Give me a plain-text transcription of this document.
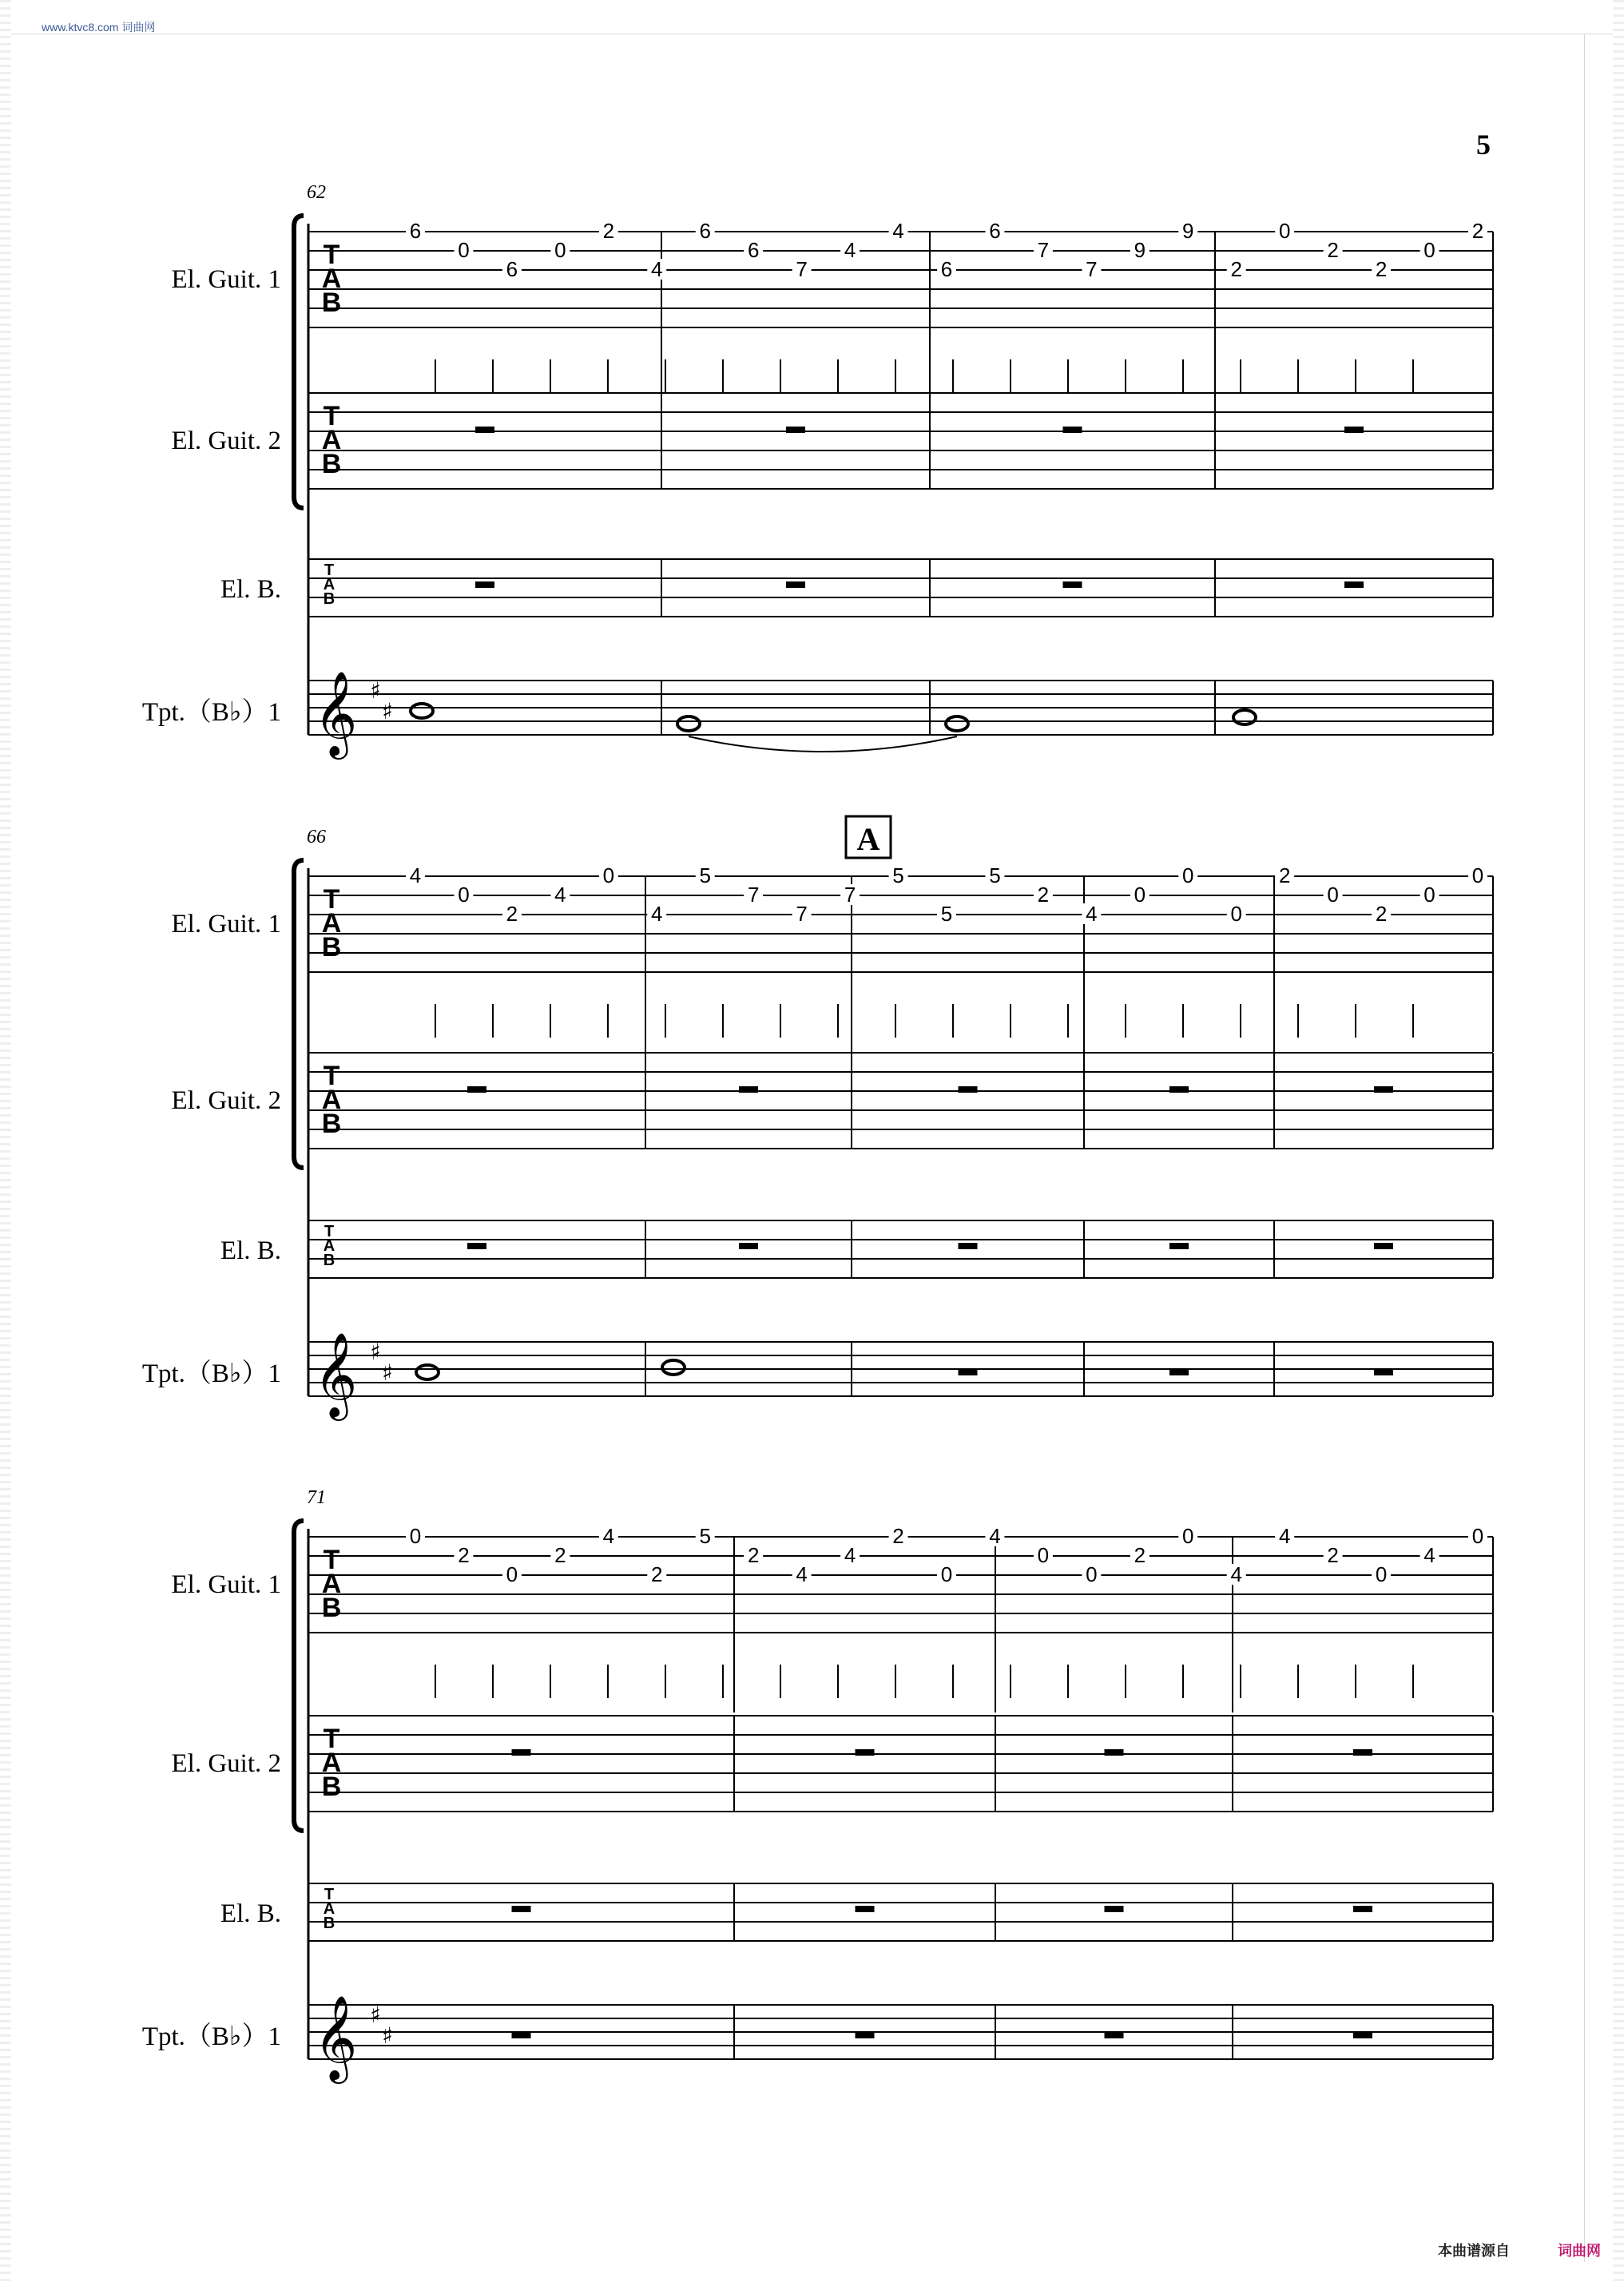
www.ktvc8.com 词曲网
5
T
A
B
T
A
B
T
A
B
𝄞 ♯
♯
El. Guit. 1
El. Guit. 2
El. B.
Tpt.（B♭）1
62
T
A
B
T
A
B
T
A
B
𝄞 ♯
♯
El. Guit. 1
El. Guit. 2
El. B.
Tpt.（B♭）1
66
T
A
B
T
A
B
T
A
B
𝄞 ♯
♯
El. Guit. 1
El. Guit. 2
El. B.
Tpt.（B♭）1
71
A
6
0
6
0
2
4
6
6
7
4
4
6
6
7
7
9
9
2
0
2
2
0
2
4
0
2
4
0
4
5
7
7
7
5
5
5
2
4
0
0
0
2
0
2
0
0
0
2
0
2
4
2
5
2
4
4
2
0
4
0
0
2
0
4
4
2
0
4
0
本曲谱源自	词曲网
